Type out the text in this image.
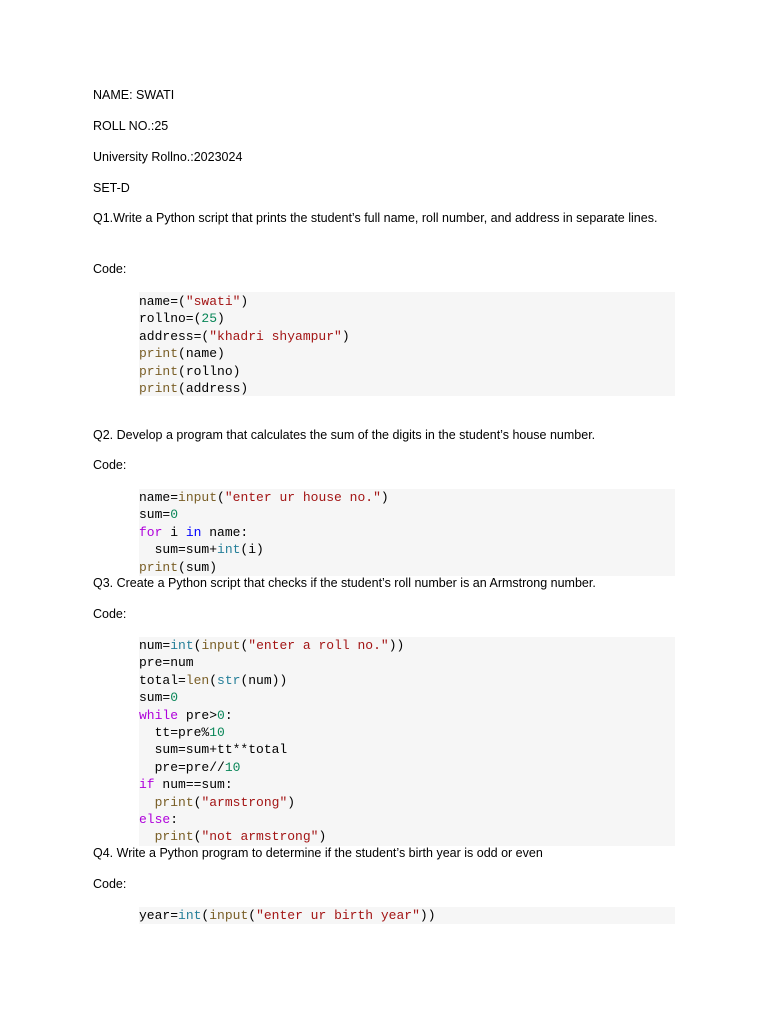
NAME: SWATI

ROLL NO.:25

University Rollno.:2023024

SET-D

Q1.Write a Python script that prints the student’s full name, roll number, and address in separate lines.

Code:

name=("swati")
rollno=(25)
address=("khadri shyampur")
print(name)
print(rollno)
print(address)

Q2. Develop a program that calculates the sum of the digits in the student’s house number.

Code:

name=input("enter ur house no.")
sum=0
for i in name:
sum=sum+int(i)
print(sum)

Q3. Create a Python script that checks if the student’s roll number is an Armstrong number.

Code:

num=int(input("enter a roll no."))
pre=num
total=len(str(num))
sum=0
while pre>0:
tt=pre%10
sum=sum+tt**total
pre=pre//10
if num==sum:
print("armstrong")
else:
print("not armstrong")

Q4. Write a Python program to determine if the student’s birth year is odd or even

Code:

year=int(input("enter ur birth year"))
